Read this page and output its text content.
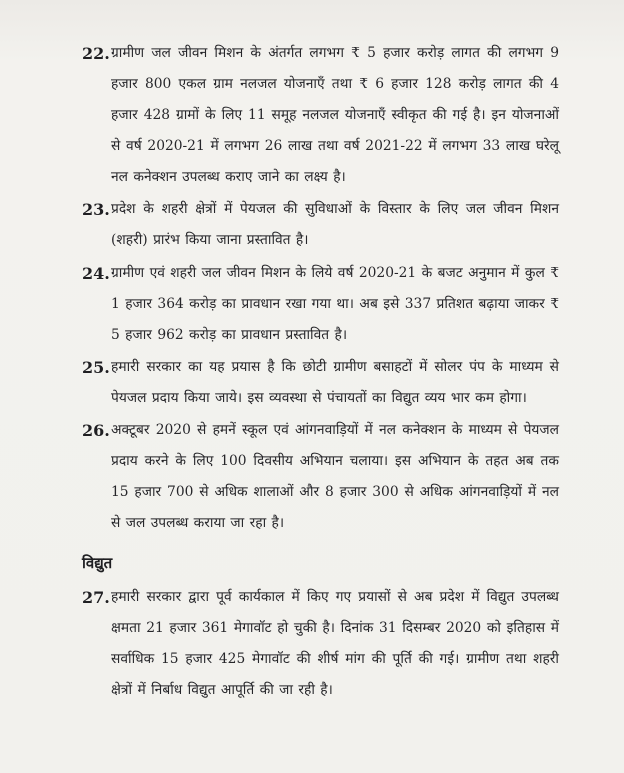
22. ग्रामीण जल जीवन मिशन के अंतर्गत लगभग ₹ 5 हजार करोड़ लागत की लगभग 9 हजार 800 एकल ग्राम नलजल योजनाएँ तथा ₹ 6 हजार 128 करोड़ लागत की 4 हजार 428 ग्रामों के लिए 11 समूह नलजल योजनाएँ स्वीकृत की गई है। इन योजनाओं से वर्ष 2020-21 में लगभग 26 लाख तथा वर्ष 2021-22 में लगभग 33 लाख घरेलू नल कनेक्शन उपलब्ध कराए जाने का लक्ष्य है।

23. प्रदेश के शहरी क्षेत्रों में पेयजल की सुविधाओं के विस्तार के लिए जल जीवन मिशन (शहरी) प्रारंभ किया जाना प्रस्तावित है।

24. ग्रामीण एवं शहरी जल जीवन मिशन के लिये वर्ष 2020-21 के बजट अनुमान में कुल ₹ 1 हजार 364 करोड़ का प्रावधान रखा गया था। अब इसे 337 प्रतिशत बढ़ाया जाकर ₹ 5 हजार 962 करोड़ का प्रावधान प्रस्तावित है।

25. हमारी सरकार का यह प्रयास है कि छोटी ग्रामीण बसाहटों में सोलर पंप के माध्यम से पेयजल प्रदाय किया जाये। इस व्यवस्था से पंचायतों का विद्युत व्यय भार कम होगा।

26. अक्टूबर 2020 से हमनें स्कूल एवं आंगनवाड़ियों में नल कनेक्शन के माध्यम से पेयजल प्रदाय करने के लिए 100 दिवसीय अभियान चलाया। इस अभियान के तहत अब तक 15 हजार 700 से अधिक शालाओं और 8 हजार 300 से अधिक आंगनवाड़ियों में नल से जल उपलब्ध कराया जा रहा है।

विद्युत
27. हमारी सरकार द्वारा पूर्व कार्यकाल में किए गए प्रयासों से अब प्रदेश में विद्युत उपलब्ध क्षमता 21 हजार 361 मेगावॉट हो चुकी है। दिनांक 31 दिसम्बर 2020 को इतिहास में सर्वाधिक 15 हजार 425 मेगावॉट की शीर्ष मांग की पूर्ति की गई। ग्रामीण तथा शहरी क्षेत्रों में निर्बाध विद्युत आपूर्ति की जा रही है।
